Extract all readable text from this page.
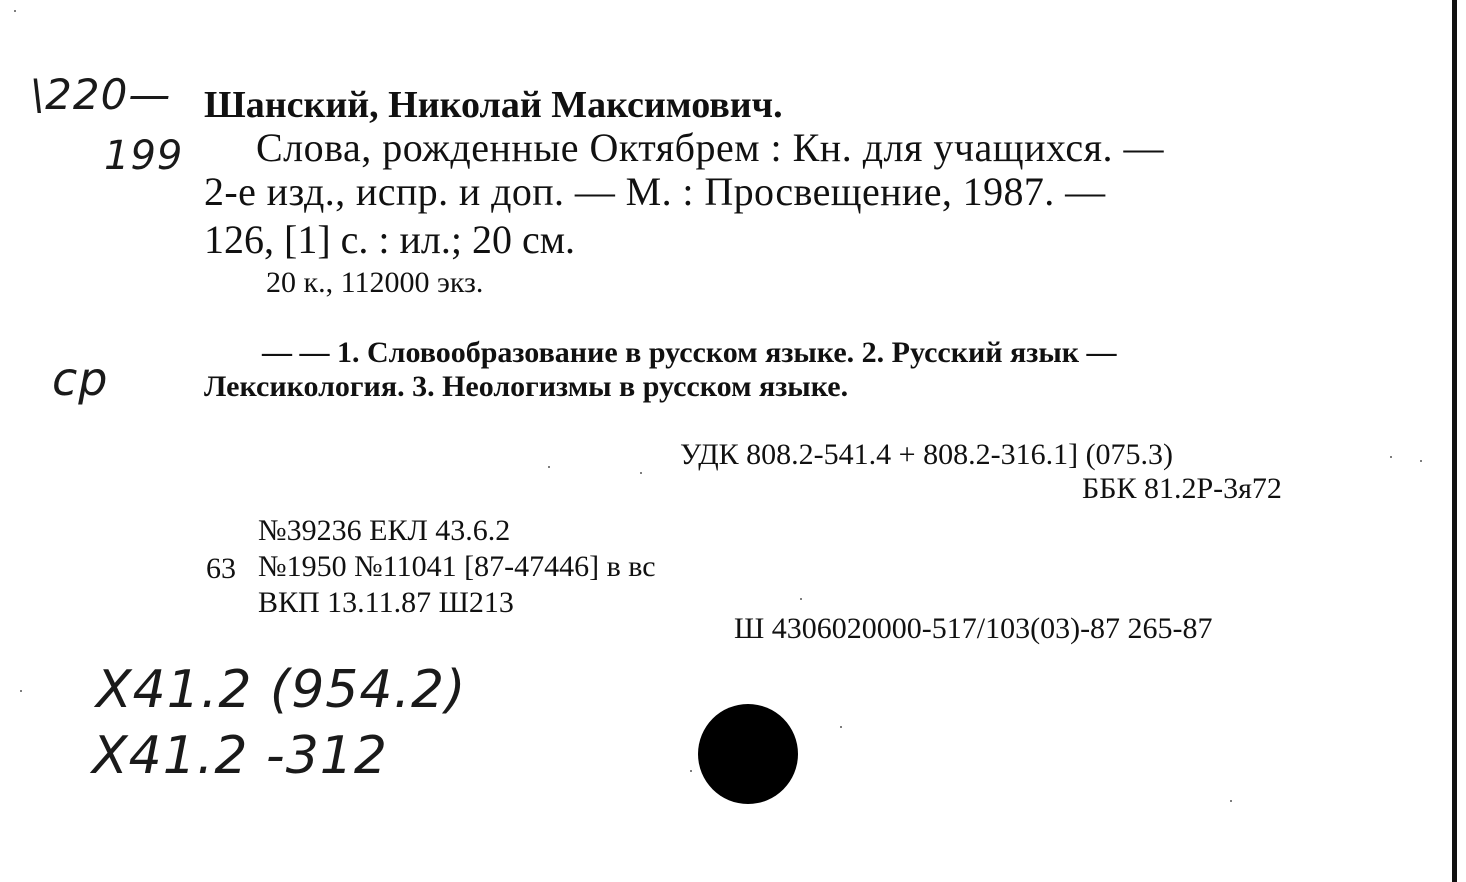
\220—
199
Шанский, Николай Максимович.
Слова, рожденные Октябрем : Кн. для учащихся. —
2-е изд., испр. и доп. — М. : Просвещение, 1987. —
126, [1] с. : ил.; 20 см.
20 к., 112000 экз.
ср	— — 1. Словообразование в русском языке. 2. Русский язык —
Лексикология. 3. Неологизмы в русском языке.
УДК 808.2-541.4 + 808.2-316.1] (075.3)
ББК 81.2Р-3я72
№39236 ЕКЛ 43.6.2
63 №1950 №11041 [87-47446] в вс
ВКП 13.11.87 Ш213
Ш 4306020000-517/103(03)-87 265-87
Х41.2 (954.2)
Х41.2 -312
